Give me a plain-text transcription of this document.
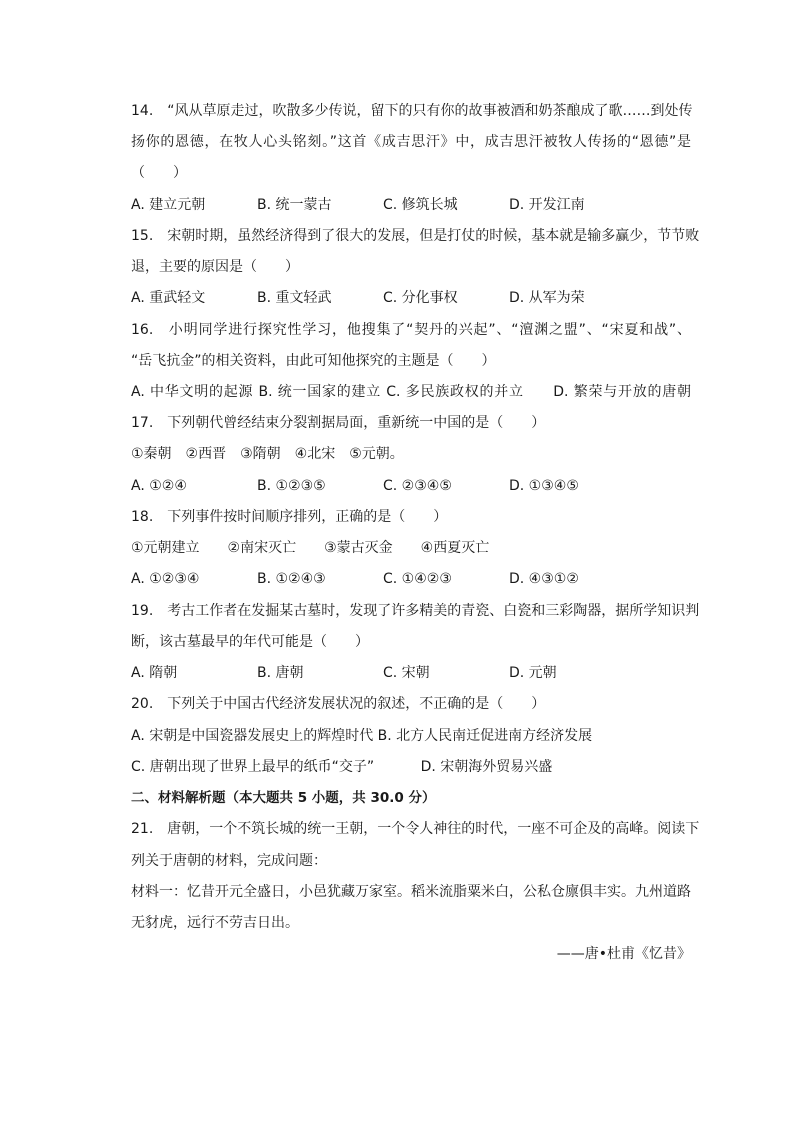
14.　“风从草原走过，吹散多少传说，留下的只有你的故事被酒和奶茶酿成了歌……到处传
扬你的恩德，在牧人心头铭刻。”这首《成吉思汗》中，成吉思汗被牧人传扬的“恩德”是
（　　）
A. 建立元朝	B. 统一蒙古	C. 修筑长城	D. 开发江南
15.　宋朝时期，虽然经济得到了很大的发展，但是打仗的时候，基本就是输多赢少，节节败
退，主要的原因是（　　）
A. 重武轻文	B. 重文轻武	C. 分化事权	D. 从军为荣
16.　小明同学进行探究性学习，他搜集了“契丹的兴起”、“澶渊之盟”、“宋夏和战”、
“岳飞抗金”的相关资料，由此可知他探究的主题是（　　）
A. 中华文明的起源 B. 统一国家的建立 C. 多民族政权的并立　　D. 繁荣与开放的唐朝
17.　下列朝代曾经结束分裂割据局面，重新统一中国的是（　　）
①秦朝　②西晋　③隋朝　④北宋　⑤元朝。
A. ①②④	B. ①②③⑤	C. ②③④⑤	D. ①③④⑤
18.　下列事件按时间顺序排列，正确的是（　　）
①元朝建立　　②南宋灭亡　　③蒙古灭金　　④西夏灭亡
A. ①②③④	B. ①②④③	C. ①④②③	D. ④③①②
19.　考古工作者在发掘某古墓时，发现了许多精美的青瓷、白瓷和三彩陶器，据所学知识判
断，该古墓最早的年代可能是（　　）
A. 隋朝	B. 唐朝	C. 宋朝	D. 元朝
20.　下列关于中国古代经济发展状况的叙述，不正确的是（　　）
A. 宋朝是中国瓷器发展史上的辉煌时代 B. 北方人民南迁促进南方经济发展
C. 唐朝出现了世界上最早的纸币“交子”　　　 D. 宋朝海外贸易兴盛
二、材料解析题（本大题共 5 小题，共 30.0 分）
21.　唐朝，一个不筑长城的统一王朝，一个令人神往的时代，一座不可企及的高峰。阅读下
列关于唐朝的材料，完成问题：
材料一：忆昔开元全盛日，小邑犹藏万家室。稻米流脂粟米白，公私仓廪俱丰实。九州道路
无豺虎，远行不劳吉日出。
——唐•杜甫《忆昔》
